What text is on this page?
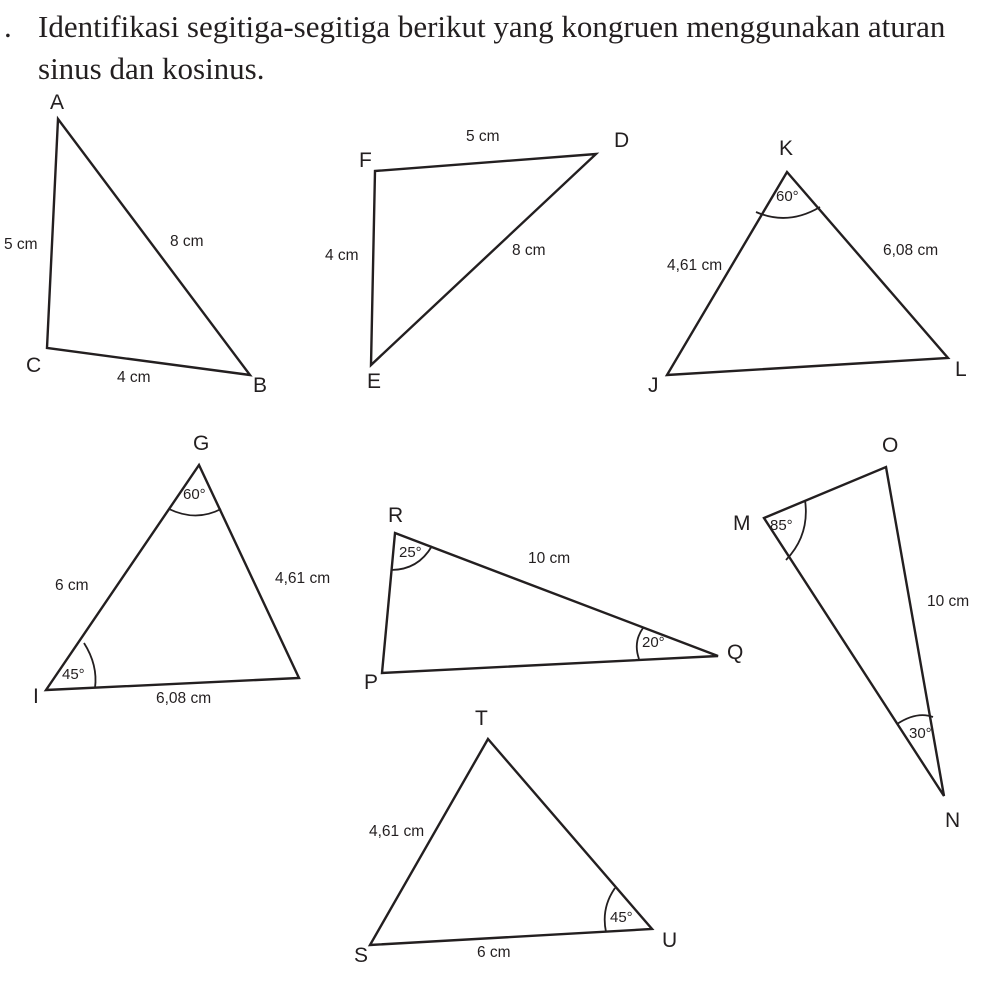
. Identifikasi segitiga-segitiga berikut yang kongruen menggunakan aturan sinus dan kosinus.
A
B
C
5 cm	8 cm
4 cm
D
E
F
5 cm
4 cm	8 cm
60°
J
K
L
4,61 cm
6,08 cm
60°
45°
G
I
6 cm	4,61 cm
6,08 cm
25°
20°
P
Q
R
10 cm
85°
30°
M
N
O
10 cm
45°
S
T
U
4,61 cm
6 cm
